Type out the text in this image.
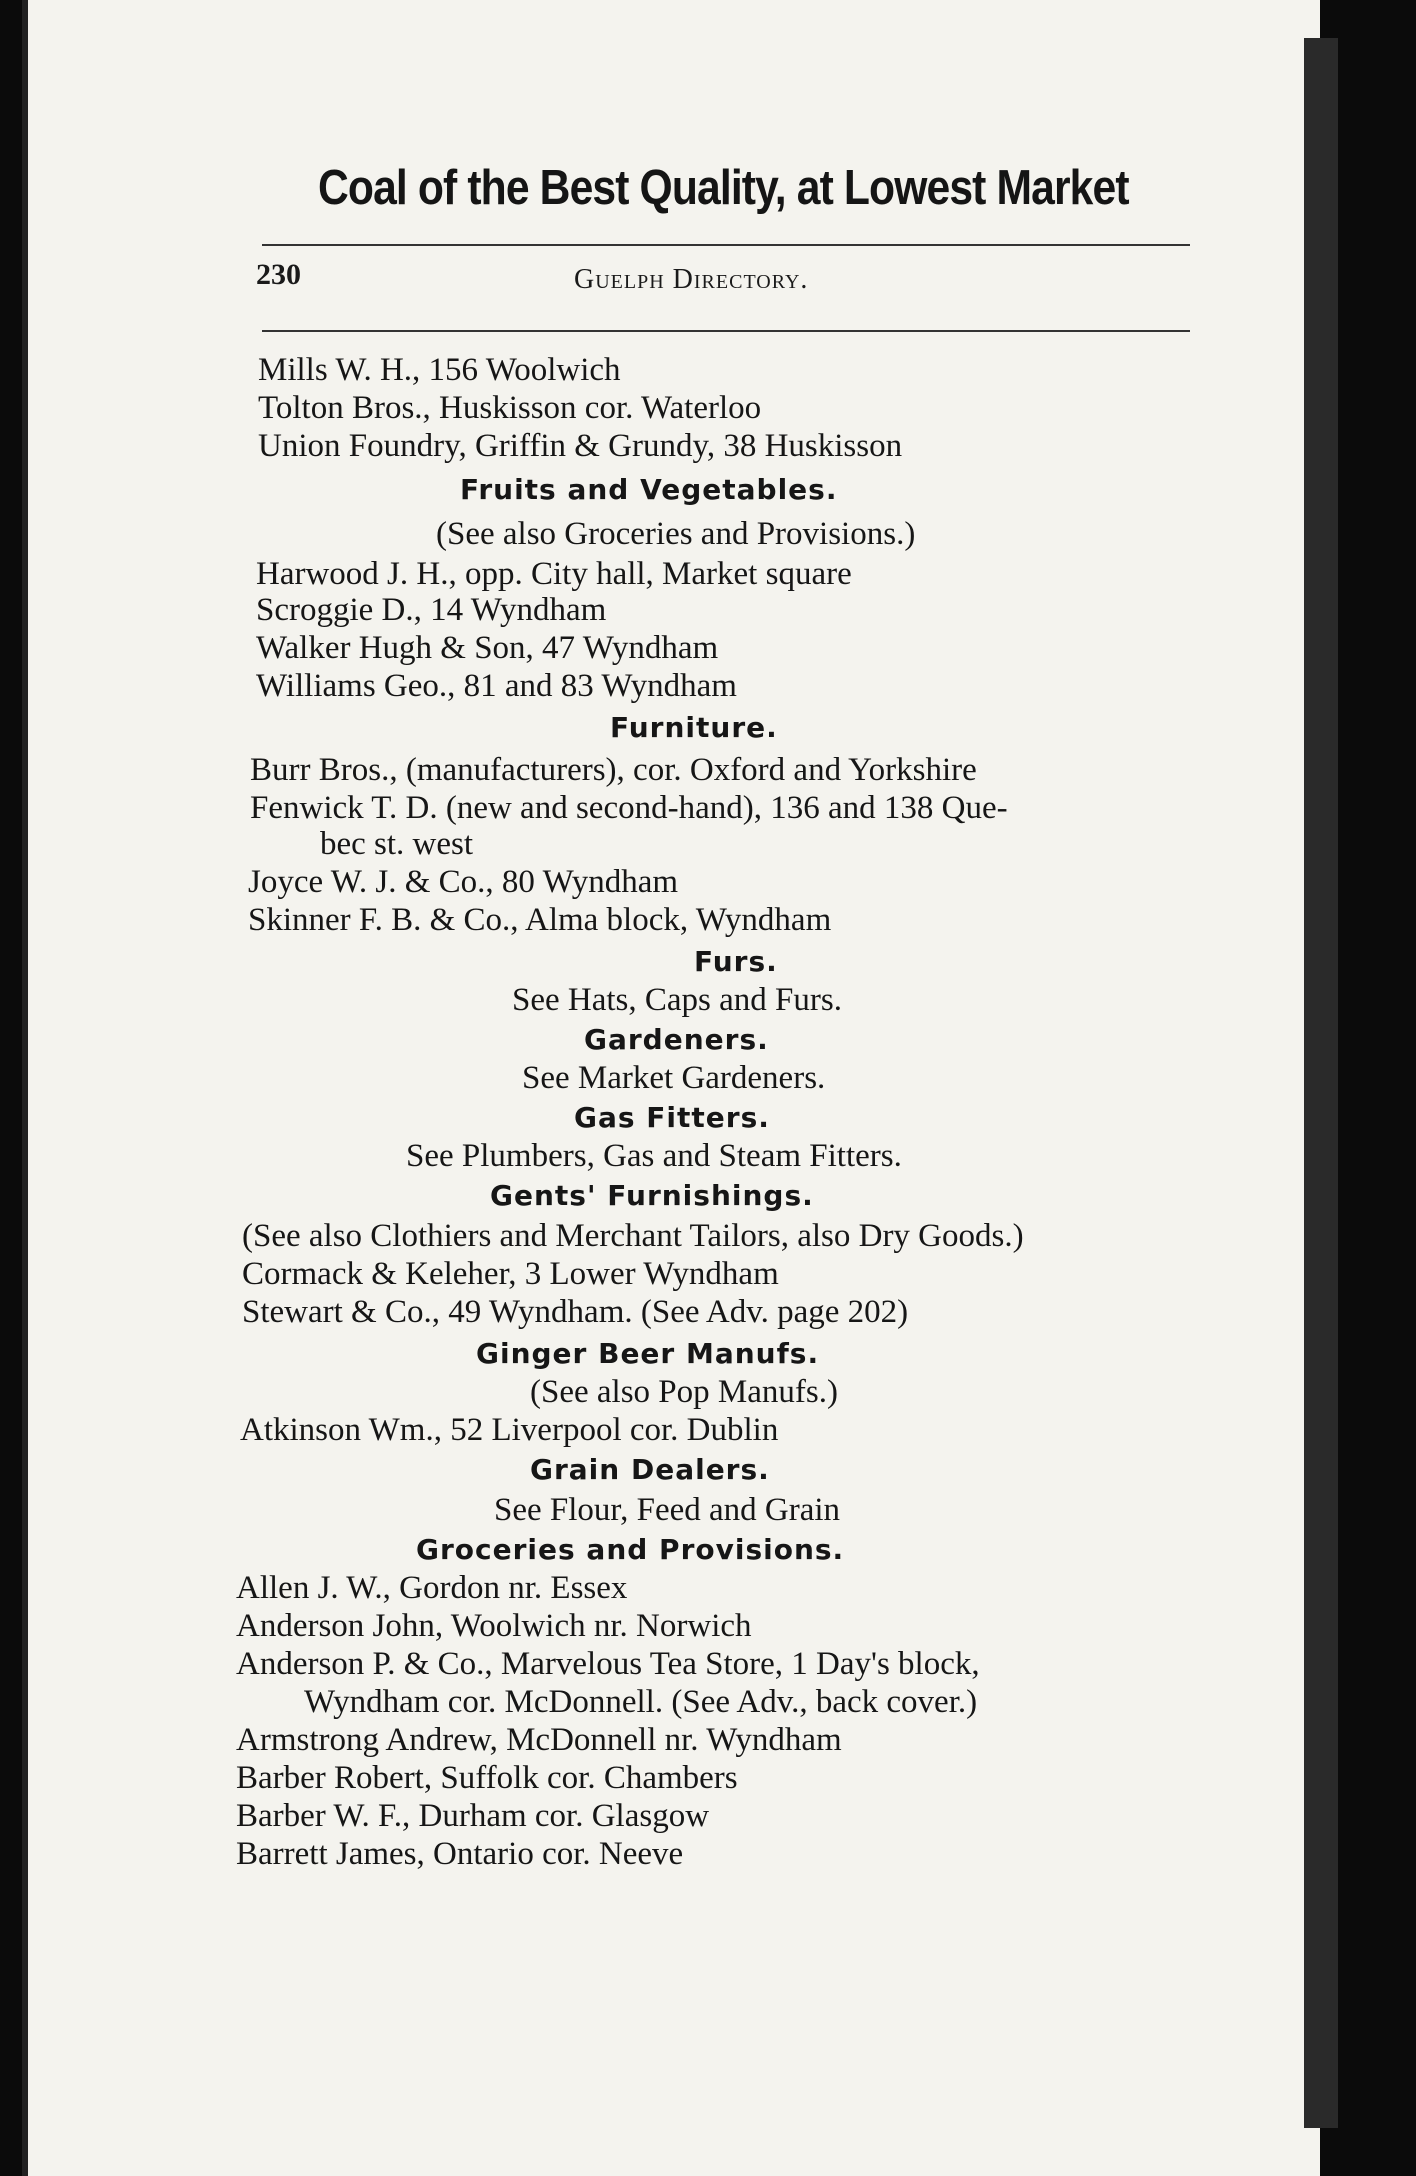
Coal of the Best Quality, at Lowest Market
230	Guelph Directory.
Mills W. H., 156 Woolwich
Tolton Bros., Huskisson cor. Waterloo
Union Foundry, Griffin & Grundy, 38 Huskisson
Fruits and Vegetables.
(See also Groceries and Provisions.)
Harwood J. H., opp. City hall, Market square
Scroggie D., 14 Wyndham
Walker Hugh & Son, 47 Wyndham
Williams Geo., 81 and 83 Wyndham
Furniture.
Burr Bros., (manufacturers), cor. Oxford and Yorkshire
Fenwick T. D. (new and second-hand), 136 and 138 Que-
bec st. west
Joyce W. J. & Co., 80 Wyndham
Skinner F. B. & Co., Alma block, Wyndham
Furs.
See Hats, Caps and Furs.
Gardeners.
See Market Gardeners.
Gas Fitters.
See Plumbers, Gas and Steam Fitters.
Gents' Furnishings.
(See also Clothiers and Merchant Tailors, also Dry Goods.)
Cormack & Keleher, 3 Lower Wyndham
Stewart & Co., 49 Wyndham. (See Adv. page 202)
Ginger Beer Manufs.
(See also Pop Manufs.)
Atkinson Wm., 52 Liverpool cor. Dublin
Grain Dealers.
See Flour, Feed and Grain
Groceries and Provisions.
Allen J. W., Gordon nr. Essex
Anderson John, Woolwich nr. Norwich
Anderson P. & Co., Marvelous Tea Store, 1 Day's block,
Wyndham cor. McDonnell. (See Adv., back cover.)
Armstrong Andrew, McDonnell nr. Wyndham
Barber Robert, Suffolk cor. Chambers
Barber W. F., Durham cor. Glasgow
Barrett James, Ontario cor. Neeve
